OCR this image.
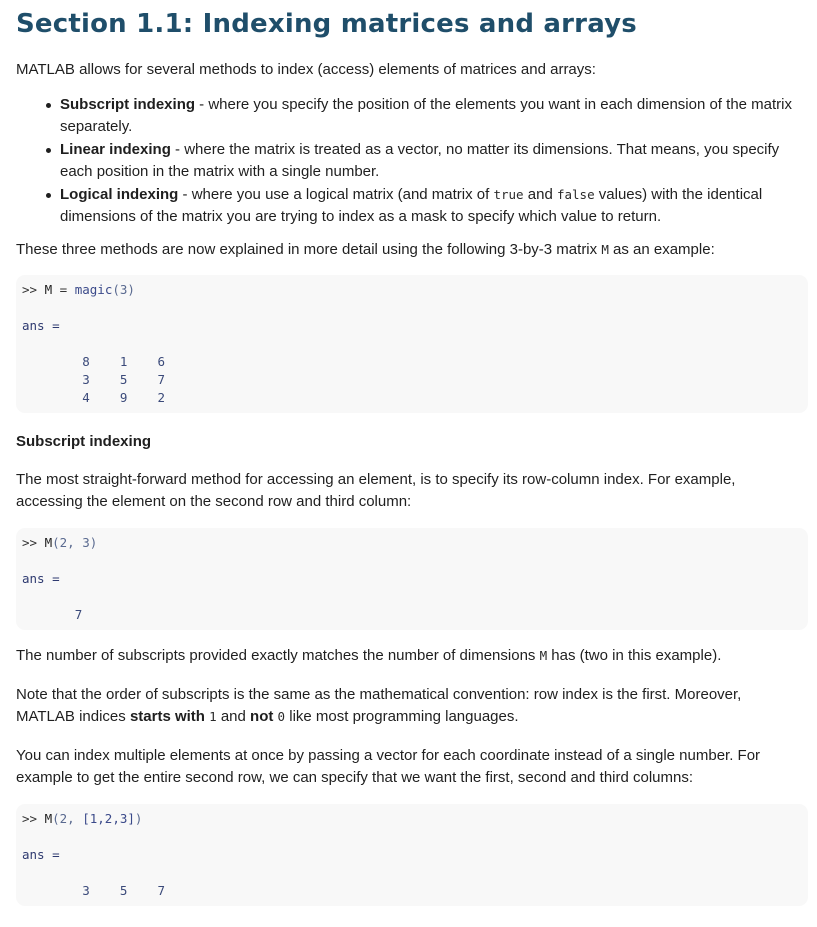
Section 1.1: Indexing matrices and arrays

MATLAB allows for several methods to index (access) elements of matrices and arrays:

Subscript indexing - where you specify the position of the elements you want in each dimension of the matrix separately.
Linear indexing - where the matrix is treated as a vector, no matter its dimensions. That means, you specify each position in the matrix with a single number.
Logical indexing - where you use a logical matrix (and matrix of true and false values) with the identical dimensions of the matrix you are trying to index as a mask to specify which value to return.

These three methods are now explained in more detail using the following 3-by-3 matrix M as an example:

>> M = magic(3)
ans =
8 1 6
3 5 7
4 9 2
Subscript indexing

The most straight-forward method for accessing an element, is to specify its row-column index. For example, accessing the element on the second row and third column:

>> M(2, 3)
ans =
7

The number of subscripts provided exactly matches the number of dimensions M has (two in this example).

Note that the order of subscripts is the same as the mathematical convention: row index is the first. Moreover, MATLAB indices starts with 1 and not 0 like most programming languages.

You can index multiple elements at once by passing a vector for each coordinate instead of a single number. For example to get the entire second row, we can specify that we want the first, second and third columns:

>> M(2, [1,2,3])
ans =
3 5 7
